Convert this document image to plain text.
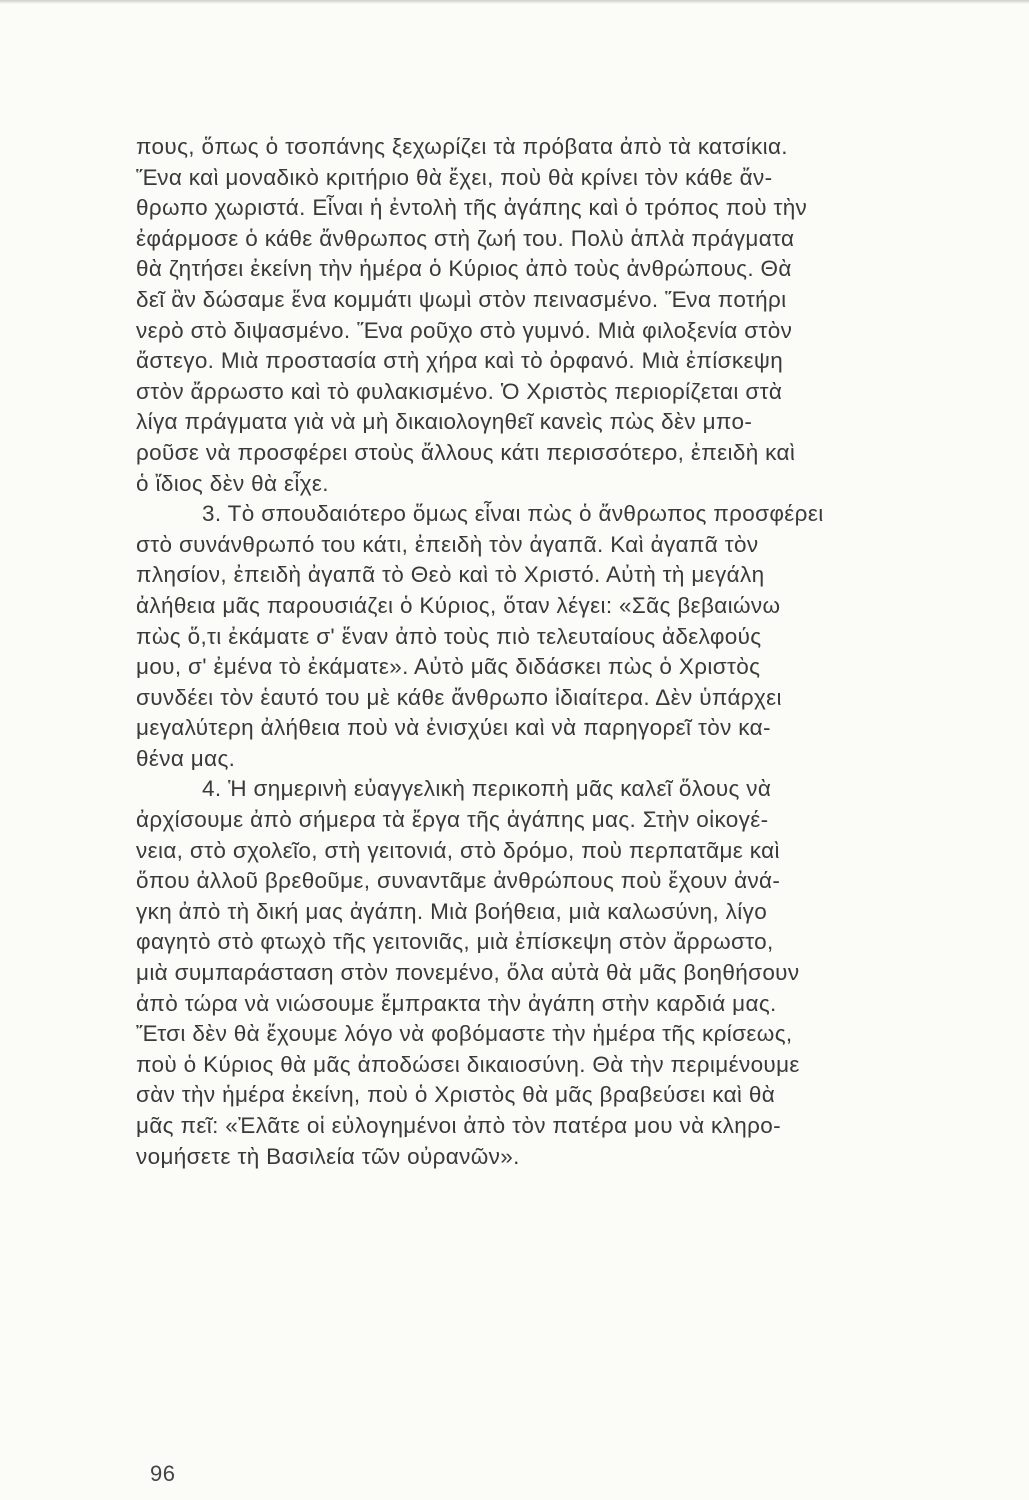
πους, ὅπως ὁ τσοπάνης ξεχωρίζει τὰ πρόβατα ἀπὸ τὰ κατσίκια.
Ἕνα καὶ μοναδικὸ κριτήριο θὰ ἔχει, ποὺ θὰ κρίνει τὸν κάθε ἄν-
θρωπο χωριστά. Εἶναι ἡ ἐντολὴ τῆς ἀγάπης καὶ ὁ τρόπος ποὺ τὴν
ἐφάρμοσε ὁ κάθε ἄνθρωπος στὴ ζωή του. Πολὺ ἁπλὰ πράγματα
θὰ ζητήσει ἐκείνη τὴν ἡμέρα ὁ Κύριος ἀπὸ τοὺς ἀνθρώπους. Θὰ
δεῖ ἂν δώσαμε ἕνα κομμάτι ψωμὶ στὸν πεινασμένο. Ἕνα ποτήρι
νερὸ στὸ διψασμένο. Ἕνα ροῦχο στὸ γυμνό. Μιὰ φιλοξενία στὸν
ἄστεγο. Μιὰ προστασία στὴ χήρα καὶ τὸ ὀρφανό. Μιὰ ἐπίσκεψη
στὸν ἄρρωστο καὶ τὸ φυλακισμένο. Ὁ Χριστὸς περιορίζεται στὰ
λίγα πράγματα γιὰ νὰ μὴ δικαιολογηθεῖ κανεὶς πὼς δὲν μπο-
ροῦσε νὰ προσφέρει στοὺς ἄλλους κάτι περισσότερο, ἐπειδὴ καὶ
ὁ ἴδιος δὲν θὰ εἶχε.
3. Τὸ σπουδαιότερο ὅμως εἶναι πὼς ὁ ἄνθρωπος προσφέρει
στὸ συνάνθρωπό του κάτι, ἐπειδὴ τὸν ἀγαπᾶ. Καὶ ἀγαπᾶ τὸν
πλησίον, ἐπειδὴ ἀγαπᾶ τὸ Θεὸ καὶ τὸ Χριστό. Αὐτὴ τὴ μεγάλη
ἀλήθεια μᾶς παρουσιάζει ὁ Κύριος, ὅταν λέγει: «Σᾶς βεβαιώνω
πὼς ὅ,τι ἐκάματε σ' ἕναν ἀπὸ τοὺς πιὸ τελευταίους ἀδελφούς
μου, σ' ἐμένα τὸ ἐκάματε». Αὐτὸ μᾶς διδάσκει πὼς ὁ Χριστὸς
συνδέει τὸν ἑαυτό του μὲ κάθε ἄνθρωπο ἰδιαίτερα. Δὲν ὑπάρχει
μεγαλύτερη ἀλήθεια ποὺ νὰ ἐνισχύει καὶ νὰ παρηγορεῖ τὸν κα-
θένα μας.
4. Ἡ σημερινὴ εὐαγγελικὴ περικοπὴ μᾶς καλεῖ ὅλους νὰ
ἀρχίσουμε ἀπὸ σήμερα τὰ ἔργα τῆς ἀγάπης μας. Στὴν οἰκογέ-
νεια, στὸ σχολεῖο, στὴ γειτονιά, στὸ δρόμο, ποὺ περπατᾶμε καὶ
ὅπου ἀλλοῦ βρεθοῦμε, συναντᾶμε ἀνθρώπους ποὺ ἔχουν ἀνά-
γκη ἀπὸ τὴ δική μας ἀγάπη. Μιὰ βοήθεια, μιὰ καλωσύνη, λίγο
φαγητὸ στὸ φτωχὸ τῆς γειτονιᾶς, μιὰ ἐπίσκεψη στὸν ἄρρωστο,
μιὰ συμπαράσταση στὸν πονεμένο, ὅλα αὐτὰ θὰ μᾶς βοηθήσουν
ἀπὸ τώρα νὰ νιώσουμε ἔμπρακτα τὴν ἀγάπη στὴν καρδιά μας.
Ἔτσι δὲν θὰ ἔχουμε λόγο νὰ φοβόμαστε τὴν ἡμέρα τῆς κρίσεως,
ποὺ ὁ Κύριος θὰ μᾶς ἀποδώσει δικαιοσύνη. Θὰ τὴν περιμένουμε
σὰν τὴν ἡμέρα ἐκείνη, ποὺ ὁ Χριστὸς θὰ μᾶς βραβεύσει καὶ θὰ
μᾶς πεῖ: «Ἐλᾶτε οἱ εὐλογημένοι ἀπὸ τὸν πατέρα μου νὰ κληρο-
νομήσετε τὴ Βασιλεία τῶν οὐρανῶν».
96
